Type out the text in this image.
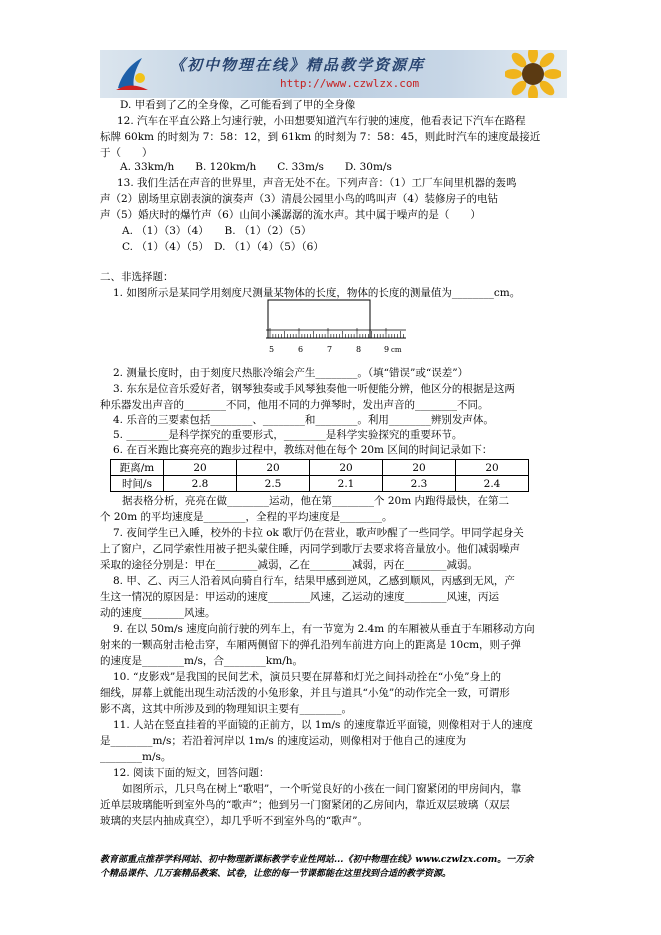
《初中物理在线》精品教学资源库
http://www.czwlzx.com
D. 甲看到了乙的全身像，乙可能看到了甲的全身像
12. 汽车在平直公路上匀速行驶，小田想要知道汽车行驶的速度，他看表记下汽车在路程
标牌 60km 的时刻为 7：58：12，到 61km 的时刻为 7：58：45，则此时汽车的速度最接近
于（　　）
A. 33km/h　　B. 120km/h　　C. 33m/s　　D. 30m/s
13. 我们生活在声音的世界里，声音无处不在。下列声音：（1）工厂车间里机器的轰鸣
声（2）剧场里京剧表演的演奏声（3）清晨公园里小鸟的鸣叫声（4）装修房子的电钻
声（5）婚庆时的爆竹声（6）山间小溪潺潺的流水声。其中属于噪声的是（　　）
A. （1）（3）（4）　　B. （1）（2）（5）
C. （1）（4）（5）　D. （1）（4）（5）（6）
二、非选择题：
1. 如图所示是某同学用刻度尺测量某物体的长度，物体的长度的测量值为________cm。
5	6	7	8	9 cm
2. 测量长度时，由于刻度尺热胀冷缩会产生________。（填“错误”或“误差”）
3. 东东是位音乐爱好者，钢琴独奏或手风琴独奏他一听便能分辨，他区分的根据是这两
种乐器发出声音的________不同，他用不同的力弹琴时，发出声音的________不同。
4. 乐音的三要素包括________、________和________。利用________辨别发声体。
5. ________是科学探究的重要形式，________是科学实验探究的重要环节。
6. 在百米跑比赛亮亮的跑步过程中，教练对他在每个 20m 区间的时间记录如下：
距离/m	20	20	20	20	20
时间/s	2.8	2.5	2.1	2.3	2.4
据表格分析，亮亮在做________运动，他在第________个 20m 内跑得最快，在第二
个 20m 的平均速度是________，全程的平均速度是________。
7. 夜间学生已入睡，校外的卡拉 ok 歌厅仍在营业，歌声吵醒了一些同学。甲同学起身关
上了窗户，乙同学索性用被子把头蒙住睡，丙同学到歌厅去要求将音量放小。他们减弱噪声
采取的途径分别是：甲在________减弱，乙在________减弱，丙在________减弱。
8. 甲、乙、丙三人沿着风向骑自行车，结果甲感到逆风，乙感到顺风，丙感到无风，产
生这一情况的原因是：甲运动的速度________风速，乙运动的速度________风速，丙运
动的速度________风速。
9. 在以 50m/s 速度向前行驶的列车上，有一节宽为 2.4m 的车厢被从垂直于车厢移动方向
射来的一颗高射击枪击穿，车厢两侧留下的弹孔沿列车前进方向上的距离是 10cm，则子弹
的速度是________m/s，合________km/h。
10. “皮影戏”是我国的民间艺术，演员只要在屏幕和灯光之间抖动拴在“小兔”身上的
细线，屏幕上就能出现生动活泼的小兔形象，并且与道具“小兔”的动作完全一致，可谓形
影不离，这其中所涉及到的物理知识主要有________。
11. 人站在竖直挂着的平面镜的正前方，以 1m/s 的速度靠近平面镜，则像相对于人的速度
是________m/s；若沿着河岸以 1m/s 的速度运动，则像相对于他自己的速度为
________m/s。
12. 阅读下面的短文，回答问题：
如图所示，几只鸟在树上“歌唱”，一个听觉良好的小孩在一间门窗紧闭的甲房间内，靠
近单层玻璃能听到室外鸟的“歌声”；他到另一门窗紧闭的乙房间内，靠近双层玻璃（双层
玻璃的夹层内抽成真空），却几乎听不到室外鸟的“歌声”。
教育部重点推荐学科网站、初中物理新课标教学专业性网站...《初中物理在线》www.czwlzx.com。一万余
个精品课件、几万套精品教案、试卷，让您的每一节课都能在这里找到合适的教学资源。
